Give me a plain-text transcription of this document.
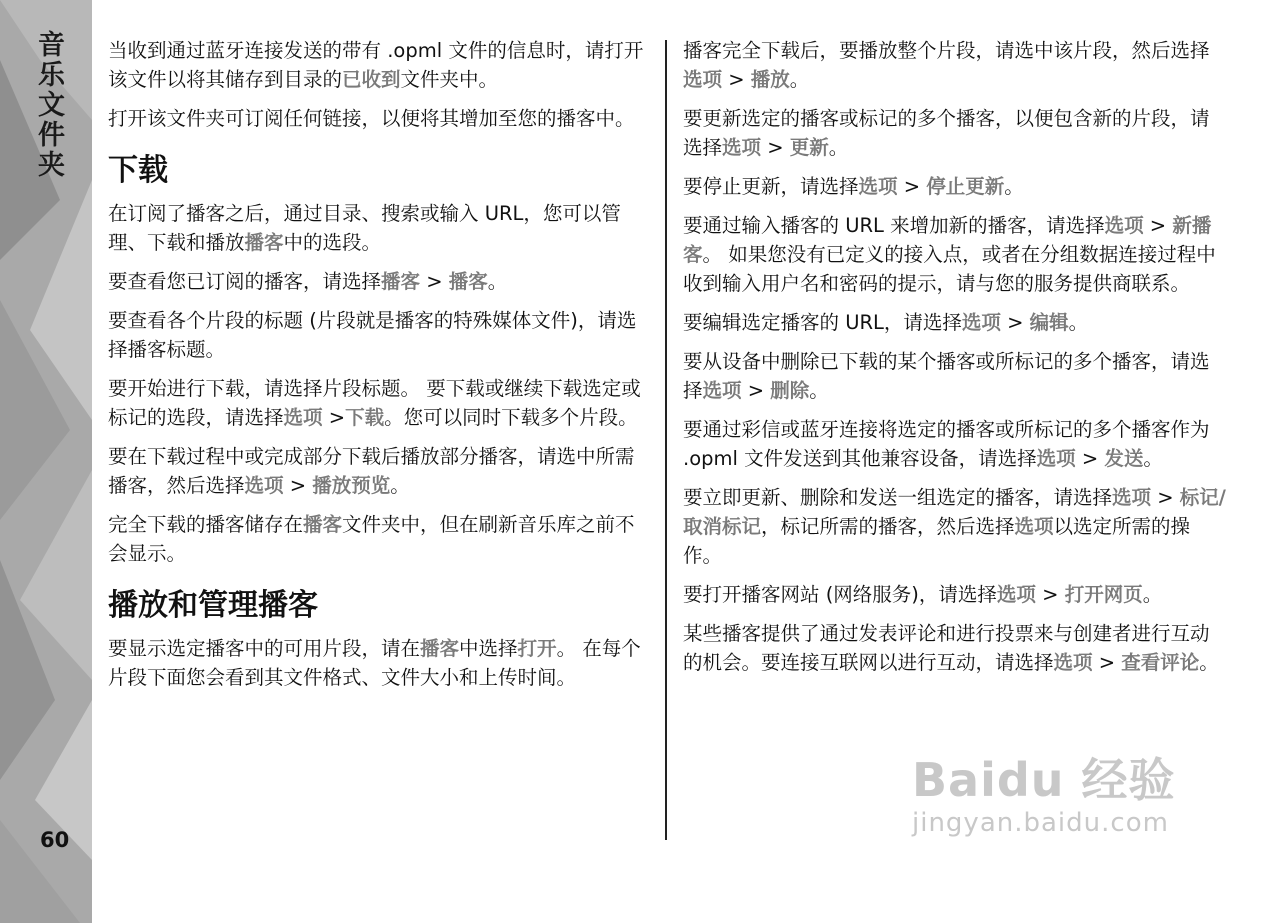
音乐文件夹
60

当收到通过蓝牙连接发送的带有 .opml 文件的信息时，请打开该文件以将其储存到目录的已收到文件夹中。

打开该文件夹可订阅任何链接，以便将其增加至您的播客中。

下载

在订阅了播客之后，通过目录、搜索或输入 URL，您可以管理、下载和播放播客中的选段。

要查看您已订阅的播客，请选择播客 > 播客。

要查看各个片段的标题 (片段就是播客的特殊媒体文件)，请选择播客标题。

要开始进行下载，请选择片段标题。 要下载或继续下载选定或标记的选段，请选择选项 >下载。您可以同时下载多个片段。

要在下载过程中或完成部分下载后播放部分播客，请选中所需播客，然后选择选项 > 播放预览。

完全下载的播客储存在播客文件夹中，但在刷新音乐库之前不会显示。

播放和管理播客

要显示选定播客中的可用片段，请在播客中选择打开。 在每个片段下面您会看到其文件格式、文件大小和上传时间。

播客完全下载后，要播放整个片段，请选中该片段，然后选择选项 > 播放。

要更新选定的播客或标记的多个播客，以便包含新的片段，请选择选项 > 更新。

要停止更新，请选择选项 > 停止更新。

要通过输入播客的 URL 来增加新的播客，请选择选项 > 新播客。 如果您没有已定义的接入点，或者在分组数据连接过程中收到输入用户名和密码的提示，请与您的服务提供商联系。

要编辑选定播客的 URL，请选择选项 > 编辑。

要从设备中删除已下载的某个播客或所标记的多个播客，请选择选项 > 删除。

要通过彩信或蓝牙连接将选定的播客或所标记的多个播客作为 .opml 文件发送到其他兼容设备，请选择选项 > 发送。

要立即更新、删除和发送一组选定的播客，请选择选项 > 标记/取消标记，标记所需的播客，然后选择选项以选定所需的操作。

要打开播客网站 (网络服务)，请选择选项 > 打开网页。

某些播客提供了通过发表评论和进行投票来与创建者进行互动的机会。要连接互联网以进行互动，请选择选项 > 查看评论。

Baidu 经验
jingyan.baidu.com
